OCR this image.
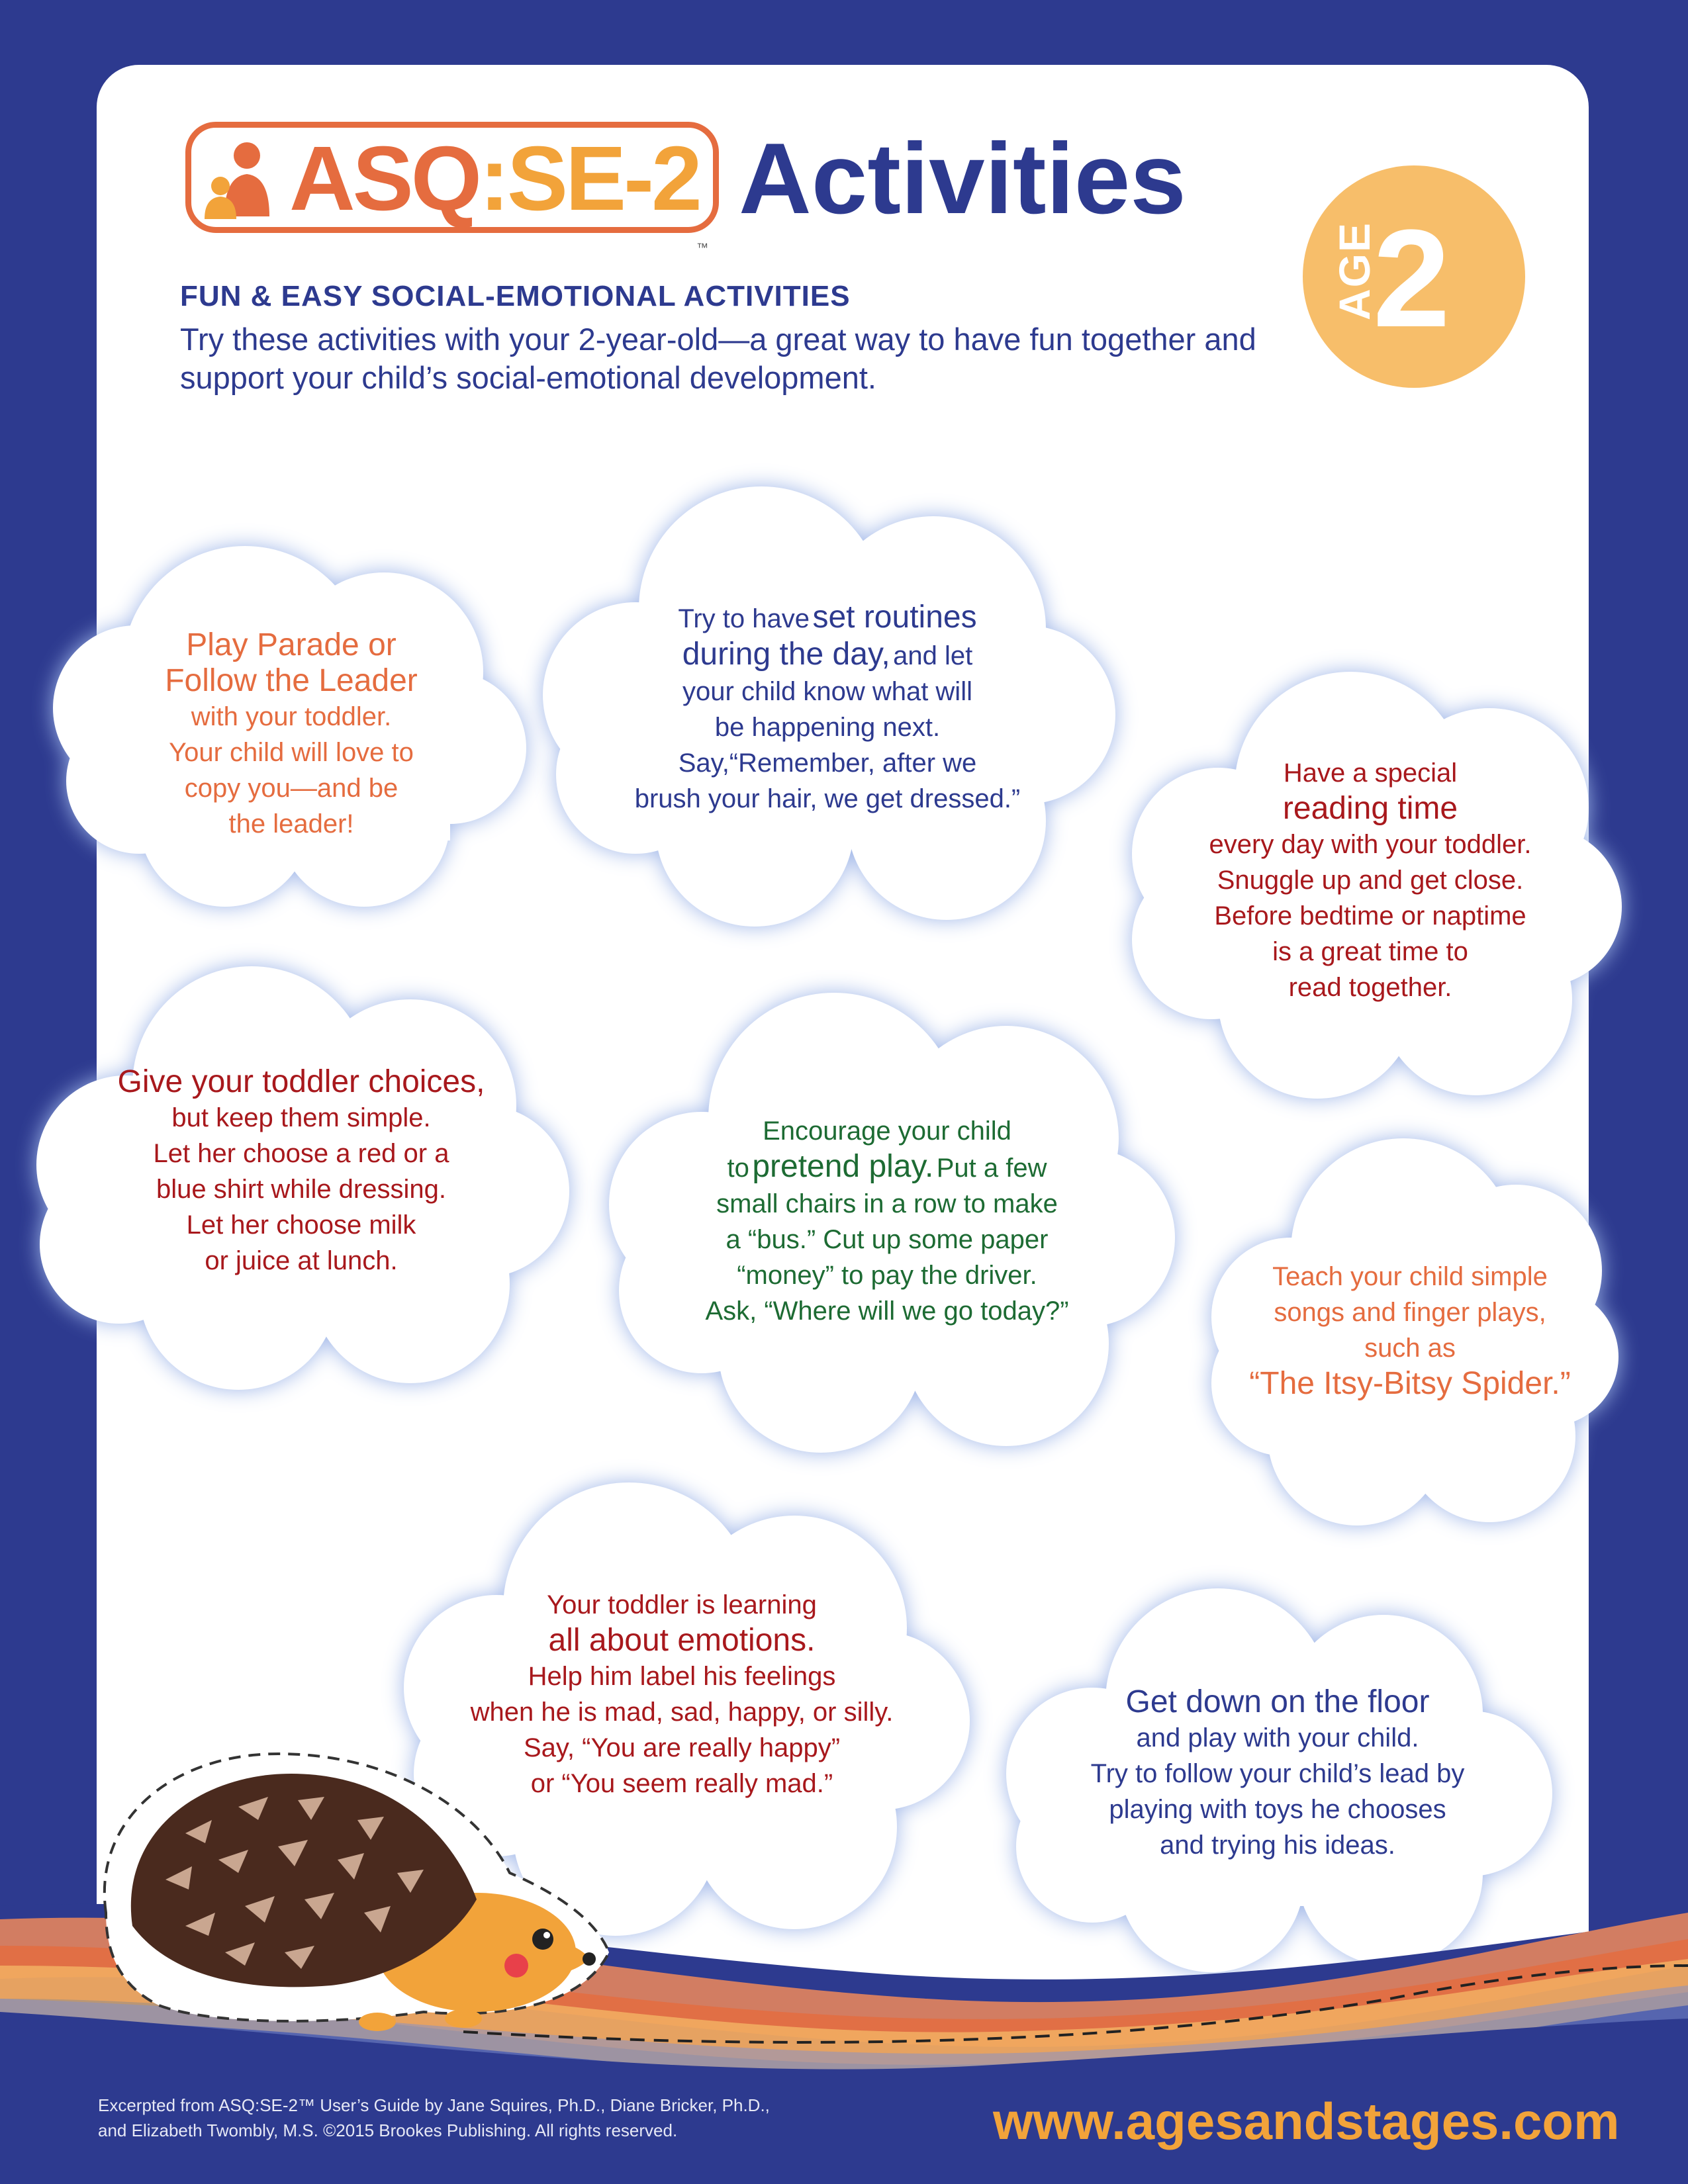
ASQ:SE-2
™
Activities
AGE
2
FUN & EASY SOCIAL-EMOTIONAL ACTIVITIES
Try these activities with your 2-year-old—a great way to have fun together and support your child’s social-emotional development.
Play Parade or
Follow the Leader
with your toddler.
Your child will love to
copy you—and be
the leader!
Try to have set routines
during the day, and let
your child know what will
be happening next.
Say,“Remember, after we
brush your hair, we get dressed.”
Have a special
reading time
every day with your toddler.
Snuggle up and get close.
Before bedtime or naptime
is a great time to
read together.
Give your toddler choices,
but keep them simple.
Let her choose a red or a
blue shirt while dressing.
Let her choose milk
or juice at lunch.
Encourage your child
to pretend play. Put a few
small chairs in a row to make
a “bus.” Cut up some paper
“money” to pay the driver.
Ask, “Where will we go today?”
Teach your child simple
songs and finger plays,
such as
“The Itsy-Bitsy Spider.”
Your toddler is learning
all about emotions.
Help him label his feelings
when he is mad, sad, happy, or silly.
Say, “You are really happy”
or “You seem really mad.”
Get down on the floor
and play with your child.
Try to follow your child’s lead by
playing with toys he chooses
and trying his ideas.
Excerpted from ASQ:SE-2™ User’s Guide by Jane Squires, Ph.D., Diane Bricker, Ph.D.,
and Elizabeth Twombly, M.S. ©2015 Brookes Publishing. All rights reserved.	www.agesandstages.com
